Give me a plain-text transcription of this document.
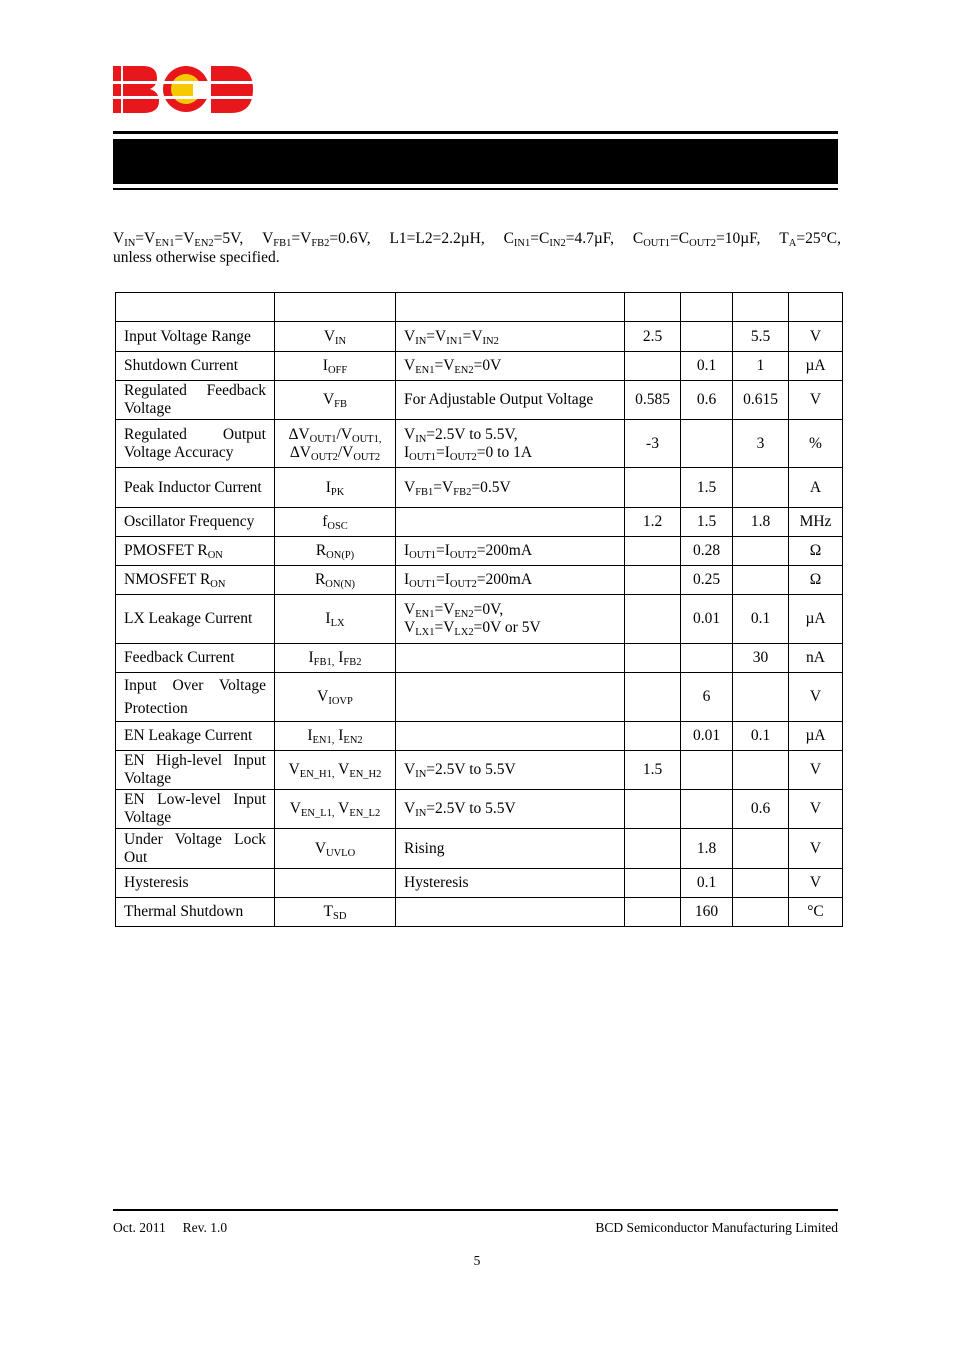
$V_{IN}=V_{EN1}=V_{EN2}=5V$, $V_{FB1}=V_{FB2}=0.6V$, L1=L2=2.2µH, $C_{IN1}=C_{IN2}=4.7\mu F$, $C_{OUT1}=C_{OUT2}=10\mu F$, $T_A=25^\circ C$,
unless otherwise specified.

Input Voltage Range	$V_{IN}$	$V_{IN}=V_{IN1}=V_{IN2}$	2.5		5.5	V
Shutdown Current	$I_{OFF}$	$V_{EN1}=V_{EN2}=0V$		0.1	1	µA
Regulated Feedback Voltage	$V_{FB}$	For Adjustable Output Voltage	0.585	0.6	0.615	V
Regulated Output Voltage Accuracy	$\Delta V_{OUT1}/V_{OUT1,}$
$\Delta V_{OUT2}/V_{OUT2}$	$V_{IN}=2.5V$ to 5.5V,
$I_{OUT1}=I_{OUT2}=0$ to 1A	-3		3	%
Peak Inductor Current	$I_{PK}$	$V_{FB1}=V_{FB2}=0.5V$		1.5		A
Oscillator Frequency	$f_{OSC}$		1.2	1.5	1.8	MHz
PMOSFET $R_{ON}$	$R_{ON(P)}$	$I_{OUT1}=I_{OUT2}=200mA$		0.28		Ω
NMOSFET $R_{ON}$	$R_{ON(N)}$	$I_{OUT1}=I_{OUT2}=200mA$		0.25		Ω
LX Leakage Current	$I_{LX}$	$V_{EN1}=V_{EN2}=0V$,
$V_{LX1}=V_{LX2}=0V$ or 5V		0.01	0.1	µA
Feedback Current	$I_{FB1,}$ $I_{FB2}$				30	nA
Input Over Voltage Protection	$V_{IOVP}$			6		V
EN Leakage Current	$I_{EN1,}$ $I_{EN2}$			0.01	0.1	µA
EN High-level Input Voltage	$V_{EN\_H1,}$ $V_{EN\_H2}$	$V_{IN}=2.5V$ to 5.5V	1.5			V
EN Low-level Input Voltage	$V_{EN\_L1,}$ $V_{EN\_L2}$	$V_{IN}=2.5V$ to 5.5V			0.6	V
Under Voltage Lock Out	$V_{UVLO}$	Rising		1.8		V
Hysteresis		Hysteresis		0.1		V
Thermal Shutdown	$T_{SD}$			160		°C
Oct. 2011     Rev. 1.0	BCD Semiconductor Manufacturing Limited
5
